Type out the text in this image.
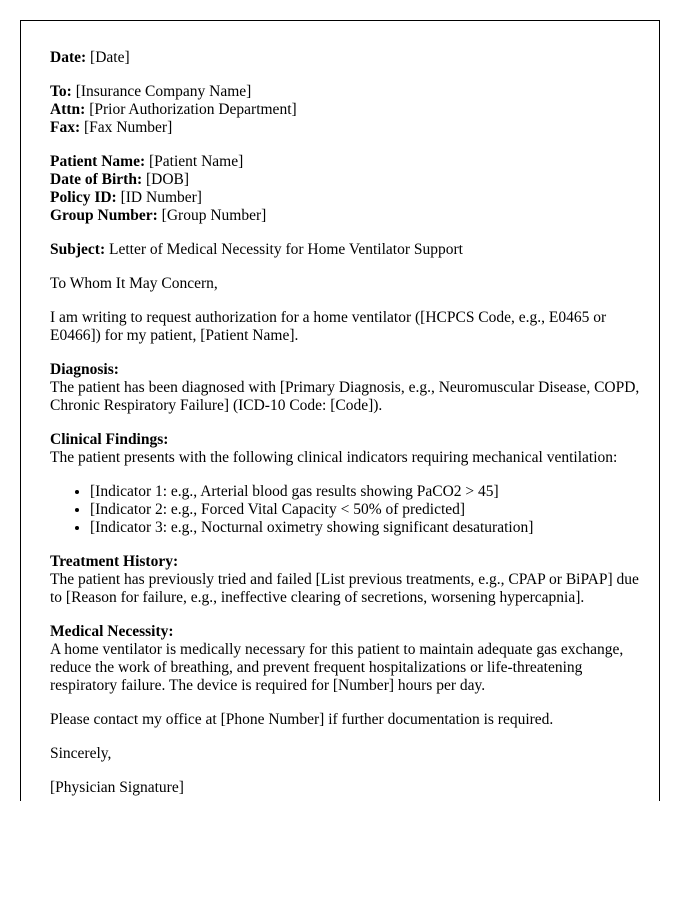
Date: [Date]
To: [Insurance Company Name]
Attn: [Prior Authorization Department]
Fax: [Fax Number]
Patient Name: [Patient Name]
Date of Birth: [DOB]
Policy ID: [ID Number]
Group Number: [Group Number]
Subject: Letter of Medical Necessity for Home Ventilator Support

To Whom It May Concern,

I am writing to request authorization for a home ventilator ([HCPCS Code, e.g., E0465 or E0466]) for my patient, [Patient Name].

Diagnosis:
The patient has been diagnosed with [Primary Diagnosis, e.g., Neuromuscular Disease, COPD, Chronic Respiratory Failure] (ICD-10 Code: [Code]).
Clinical Findings:
The patient presents with the following clinical indicators requiring mechanical ventilation:
• [Indicator 1: e.g., Arterial blood gas results showing PaCO2 > 45]
• [Indicator 2: e.g., Forced Vital Capacity < 50% of predicted]
• [Indicator 3: e.g., Nocturnal oximetry showing significant desaturation]
Treatment History:
The patient has previously tried and failed [List previous treatments, e.g., CPAP or BiPAP] due to [Reason for failure, e.g., ineffective clearing of secretions, worsening hypercapnia].
Medical Necessity:
A home ventilator is medically necessary for this patient to maintain adequate gas exchange, reduce the work of breathing, and prevent frequent hospitalizations or life-threatening respiratory failure. The device is required for [Number] hours per day.

Please contact my office at [Phone Number] if further documentation is required.

Sincerely,

[Physician Signature]
